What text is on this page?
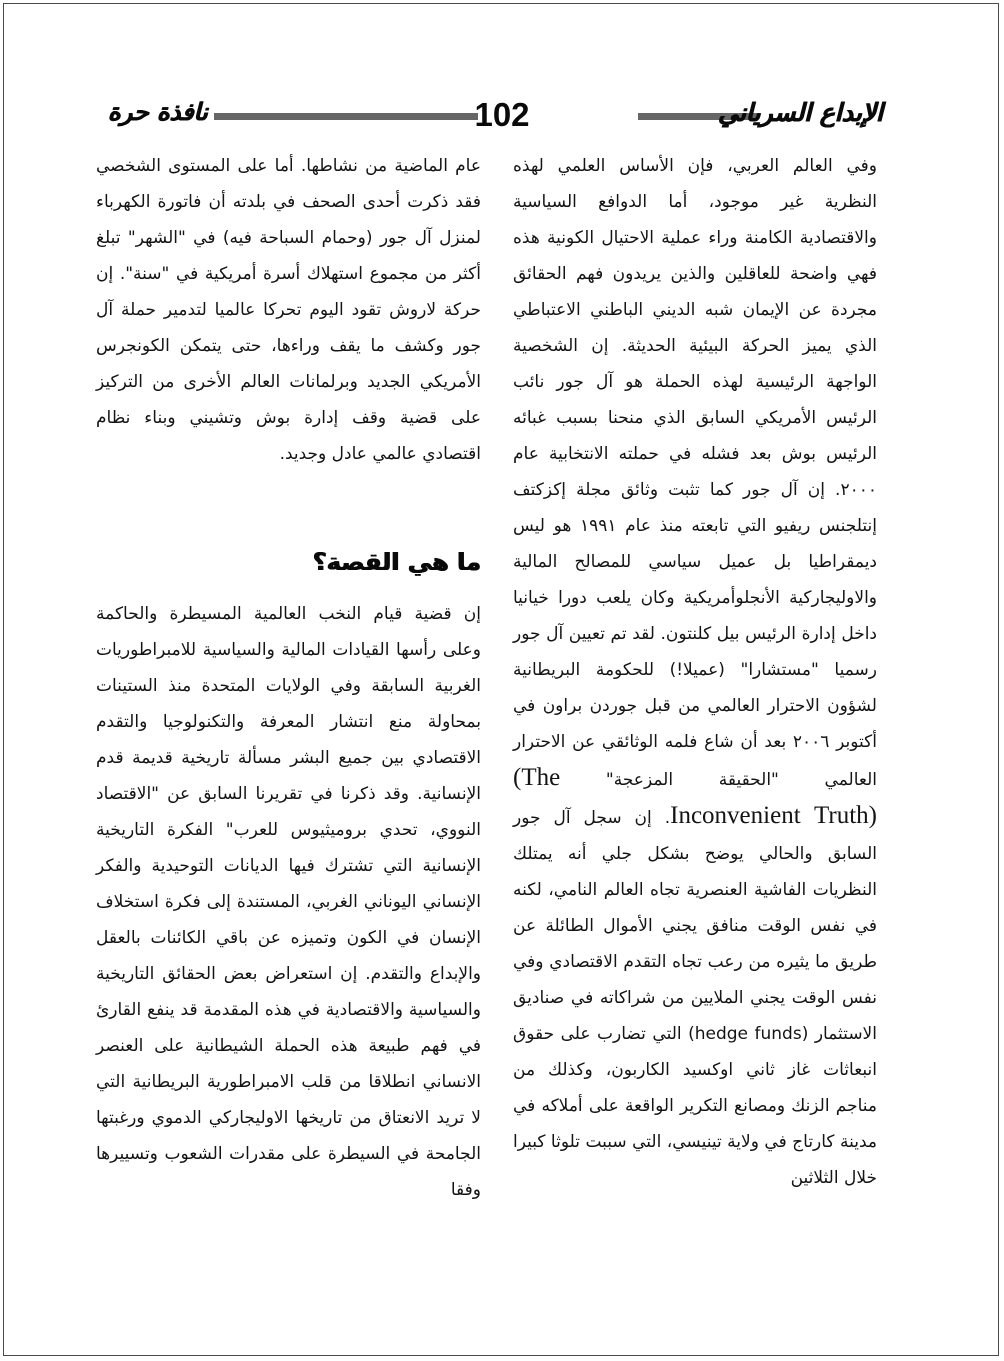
الإبداع السرياني
102
نافذة حرة

وفي العالم العربي، فإن الأساس العلمي لهذه النظرية غير موجود، أما الدوافع السياسية والاقتصادية الكامنة وراء عملية الاحتيال الكونية هذه فهي واضحة للعاقلين والذين يريدون فهم الحقائق مجردة عن الإيمان شبه الديني الباطني الاعتباطي الذي يميز الحركة البيئية الحديثة. إن الشخصية الواجهة الرئيسية لهذه الحملة هو آل جور نائب الرئيس الأمريكي السابق الذي منحنا بسبب غبائه الرئيس بوش بعد فشله في حملته الانتخابية عام ٢٠٠٠. إن آل جور كما تثبت وثائق مجلة إكزكتف إنتلجنس ريفيو التي تابعته منذ عام ١٩٩١ هو ليس ديمقراطيا بل عميل سياسي للمصالح المالية والاوليجاركية الأنجلوأمريكية وكان يلعب دورا خيانيا داخل إدارة الرئيس بيل كلنتون. لقد تم تعيين آل جور رسميا "مستشارا" (عميلا!) للحكومة البريطانية لشؤون الاحترار العالمي من قبل جوردن براون في أكتوبر ٢٠٠٦ بعد أن شاع فلمه الوثائقي عن الاحترار العالمي "الحقيقة المزعجة" (The Inconvenient Truth). إن سجل آل جور السابق والحالي يوضح بشكل جلي أنه يمتلك النظريات الفاشية العنصرية تجاه العالم النامي، لكنه في نفس الوقت منافق يجني الأموال الطائلة عن طريق ما يثيره من رعب تجاه التقدم الاقتصادي وفي نفس الوقت يجني الملايين من شراكاته في صناديق الاستثمار (hedge funds) التي تضارب على حقوق انبعاثات غاز ثاني اوكسيد الكاربون، وكذلك من مناجم الزنك ومصانع التكرير الواقعة على أملاكه في مدينة كارتاج في ولاية تينيسي، التي سببت تلوثا كبيرا خلال الثلاثين

عام الماضية من نشاطها. أما على المستوى الشخصي فقد ذكرت أحدى الصحف في بلدته أن فاتورة الكهرباء لمنزل آل جور (وحمام السباحة فيه) في "الشهر" تبلغ أكثر من مجموع استهلاك أسرة أمريكية في "سنة". إن حركة لاروش تقود اليوم تحركا عالميا لتدمير حملة آل جور وكشف ما يقف وراءها، حتى يتمكن الكونجرس الأمريكي الجديد وبرلمانات العالم الأخرى من التركيز على قضية وقف إدارة بوش وتشيني وبناء نظام اقتصادي عالمي عادل وجديد.

ما هي القصة؟

إن قضية قيام النخب العالمية المسيطرة والحاكمة وعلى رأسها القيادات المالية والسياسية للامبراطوريات الغربية السابقة وفي الولايات المتحدة منذ الستينات بمحاولة منع انتشار المعرفة والتكنولوجيا والتقدم الاقتصادي بين جميع البشر مسألة تاريخية قديمة قدم الإنسانية. وقد ذكرنا في تقريرنا السابق عن "الاقتصاد النووي، تحدي بروميثيوس للعرب" الفكرة التاريخية الإنسانية التي تشترك فيها الديانات التوحيدية والفكر الإنساني اليوناني الغربي، المستندة إلى فكرة استخلاف الإنسان في الكون وتميزه عن باقي الكائنات بالعقل والإبداع والتقدم. إن استعراض بعض الحقائق التاريخية والسياسية والاقتصادية في هذه المقدمة قد ينفع القارئ في فهم طبيعة هذه الحملة الشيطانية على العنصر الانساني انطلاقا من قلب الامبراطورية البريطانية التي لا تريد الانعتاق من تاريخها الاوليجاركي الدموي ورغبتها الجامحة في السيطرة على مقدرات الشعوب وتسييرها وفقا
